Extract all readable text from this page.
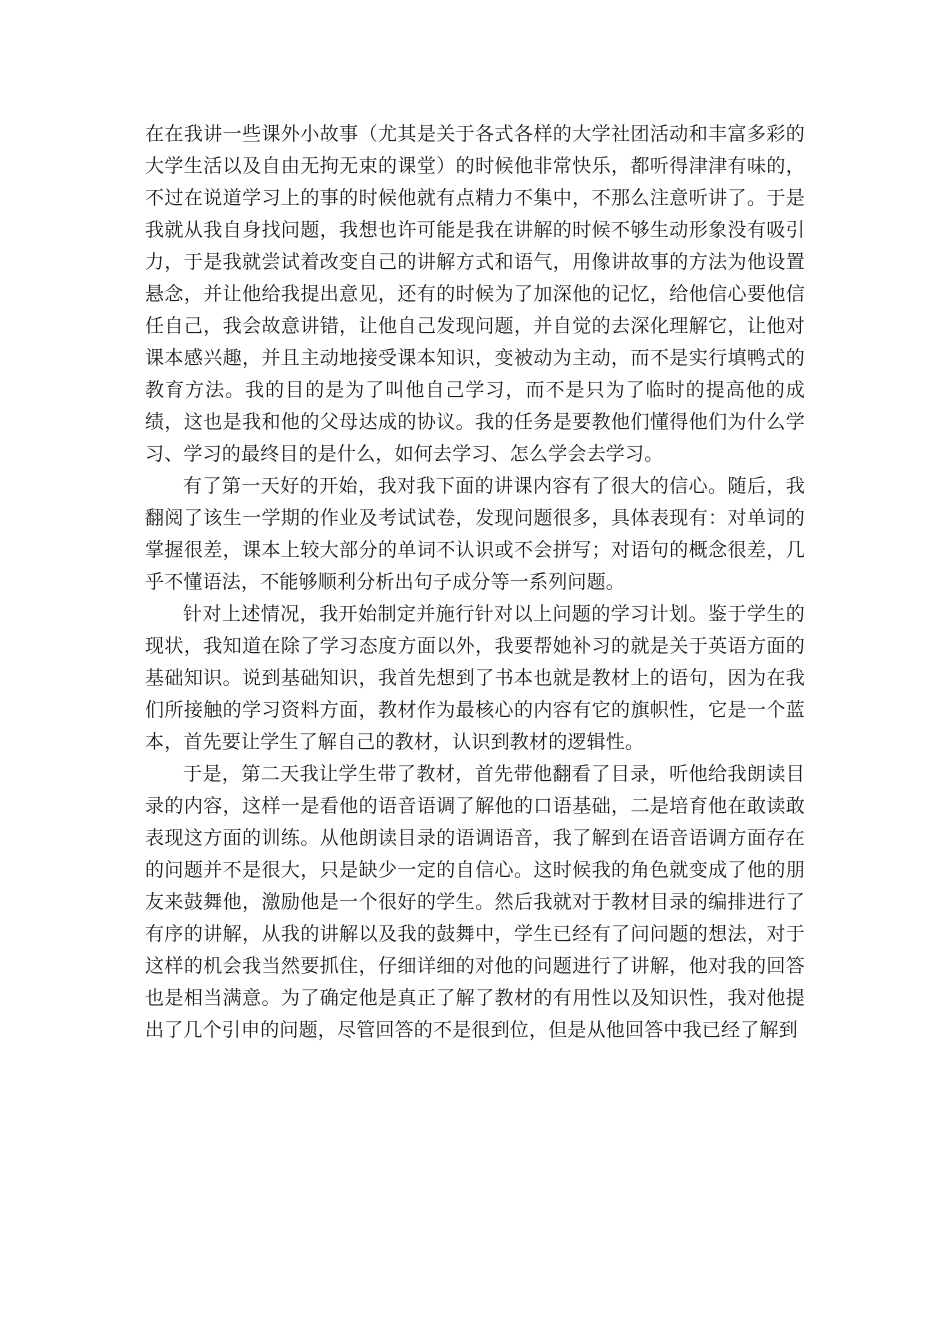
在在我讲一些课外小故事（尤其是关于各式各样的大学社团活动和丰富多彩的大学生活以及自由无拘无束的课堂）的时候他非常快乐，都听得津津有味的，不过在说道学习上的事的时候他就有点精力不集中，不那么注意听讲了。于是我就从我自身找问题，我想也许可能是我在讲解的时候不够生动形象没有吸引力，于是我就尝试着改变自己的讲解方式和语气，用像讲故事的方法为他设置悬念，并让他给我提出意见，还有的时候为了加深他的记忆，给他信心要他信任自己，我会故意讲错，让他自己发现问题，并自觉的去深化理解它，让他对课本感兴趣，并且主动地接受课本知识，变被动为主动，而不是实行填鸭式的教育方法。我的目的是为了叫他自己学习，而不是只为了临时的提高他的成绩，这也是我和他的父母达成的协议。我的任务是要教他们懂得他们为什么学习、学习的最终目的是什么，如何去学习、怎么学会去学习。

有了第一天好的开始，我对我下面的讲课内容有了很大的信心。随后，我翻阅了该生一学期的作业及考试试卷，发现问题很多，具体表现有：对单词的掌握很差，课本上较大部分的单词不认识或不会拼写；对语句的概念很差，几乎不懂语法，不能够顺利分析出句子成分等一系列问题。

针对上述情况，我开始制定并施行针对以上问题的学习计划。鉴于学生的现状，我知道在除了学习态度方面以外，我要帮她补习的就是关于英语方面的基础知识。说到基础知识，我首先想到了书本也就是教材上的语句，因为在我们所接触的学习资料方面，教材作为最核心的内容有它的旗帜性，它是一个蓝本，首先要让学生了解自己的教材，认识到教材的逻辑性。

于是，第二天我让学生带了教材，首先带他翻看了目录，听他给我朗读目录的内容，这样一是看他的语音语调了解他的口语基础，二是培育他在敢读敢表现这方面的训练。从他朗读目录的语调语音，我了解到在语音语调方面存在的问题并不是很大，只是缺少一定的自信心。这时候我的角色就变成了他的朋友来鼓舞他，激励他是一个很好的学生。然后我就对于教材目录的编排进行了有序的讲解，从我的讲解以及我的鼓舞中，学生已经有了问问题的想法，对于这样的机会我当然要抓住，仔细详细的对他的问题进行了讲解，他对我的回答也是相当满意。为了确定他是真正了解了教材的有用性以及知识性，我对他提出了几个引申的问题，尽管回答的不是很到位，但是从他回答中我已经了解到
